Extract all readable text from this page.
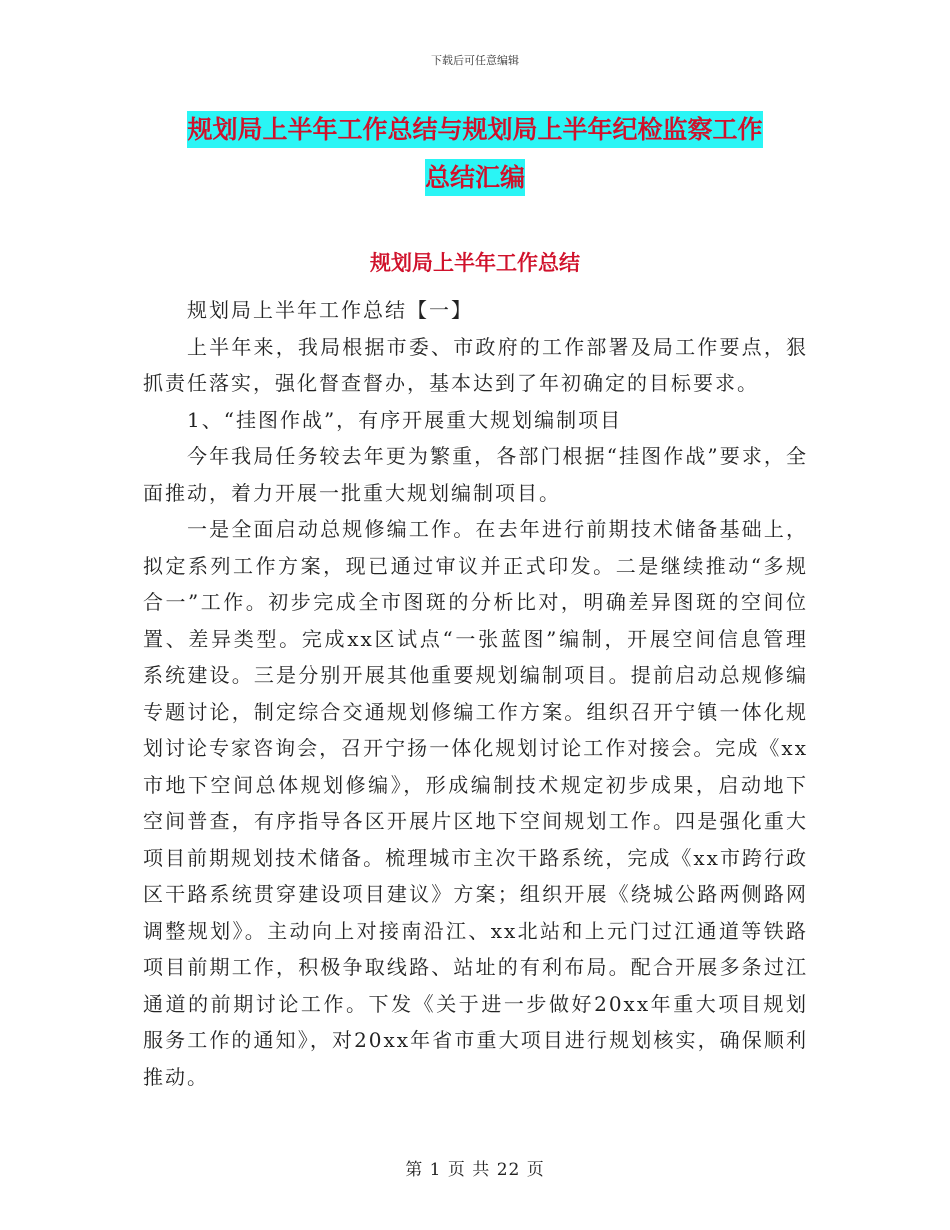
下载后可任意编辑
规划局上半年工作总结与规划局上半年纪检监察工作
总结汇编
规划局上半年工作总结

规划局上半年工作总结【一】

上半年来，我局根据市委、市政府的工作部署及局工作要点，狠抓责任落实，强化督查督办，基本达到了年初确定的目标要求。

1、“挂图作战”，有序开展重大规划编制项目

今年我局任务较去年更为繁重，各部门根据“挂图作战”要求，全面推动，着力开展一批重大规划编制项目。

一是全面启动总规修编工作。在去年进行前期技术储备基础上，拟定系列工作方案，现已通过审议并正式印发。二是继续推动“多规合一”工作。初步完成全市图斑的分析比对，明确差异图斑的空间位置、差异类型。完成xx区试点“一张蓝图”编制，开展空间信息管理系统建设。三是分别开展其他重要规划编制项目。提前启动总规修编专题讨论，制定综合交通规划修编工作方案。组织召开宁镇一体化规划讨论专家咨询会，召开宁扬一体化规划讨论工作对接会。完成《xx市地下空间总体规划修编》，形成编制技术规定初步成果，启动地下空间普查，有序指导各区开展片区地下空间规划工作。四是强化重大项目前期规划技术储备。梳理城市主次干路系统，完成《xx市跨行政区干路系统贯穿建设项目建议》方案；组织开展《绕城公路两侧路网调整规划》。主动向上对接南沿江、xx北站和上元门过江通道等铁路项目前期工作，积极争取线路、站址的有利布局。配合开展多条过江通道的前期讨论工作。下发《关于进一步做好20xx年重大项目规划服务工作的通知》，对20xx年省市重大项目进行规划核实，确保顺利推动。

第 1 页 共 22 页
